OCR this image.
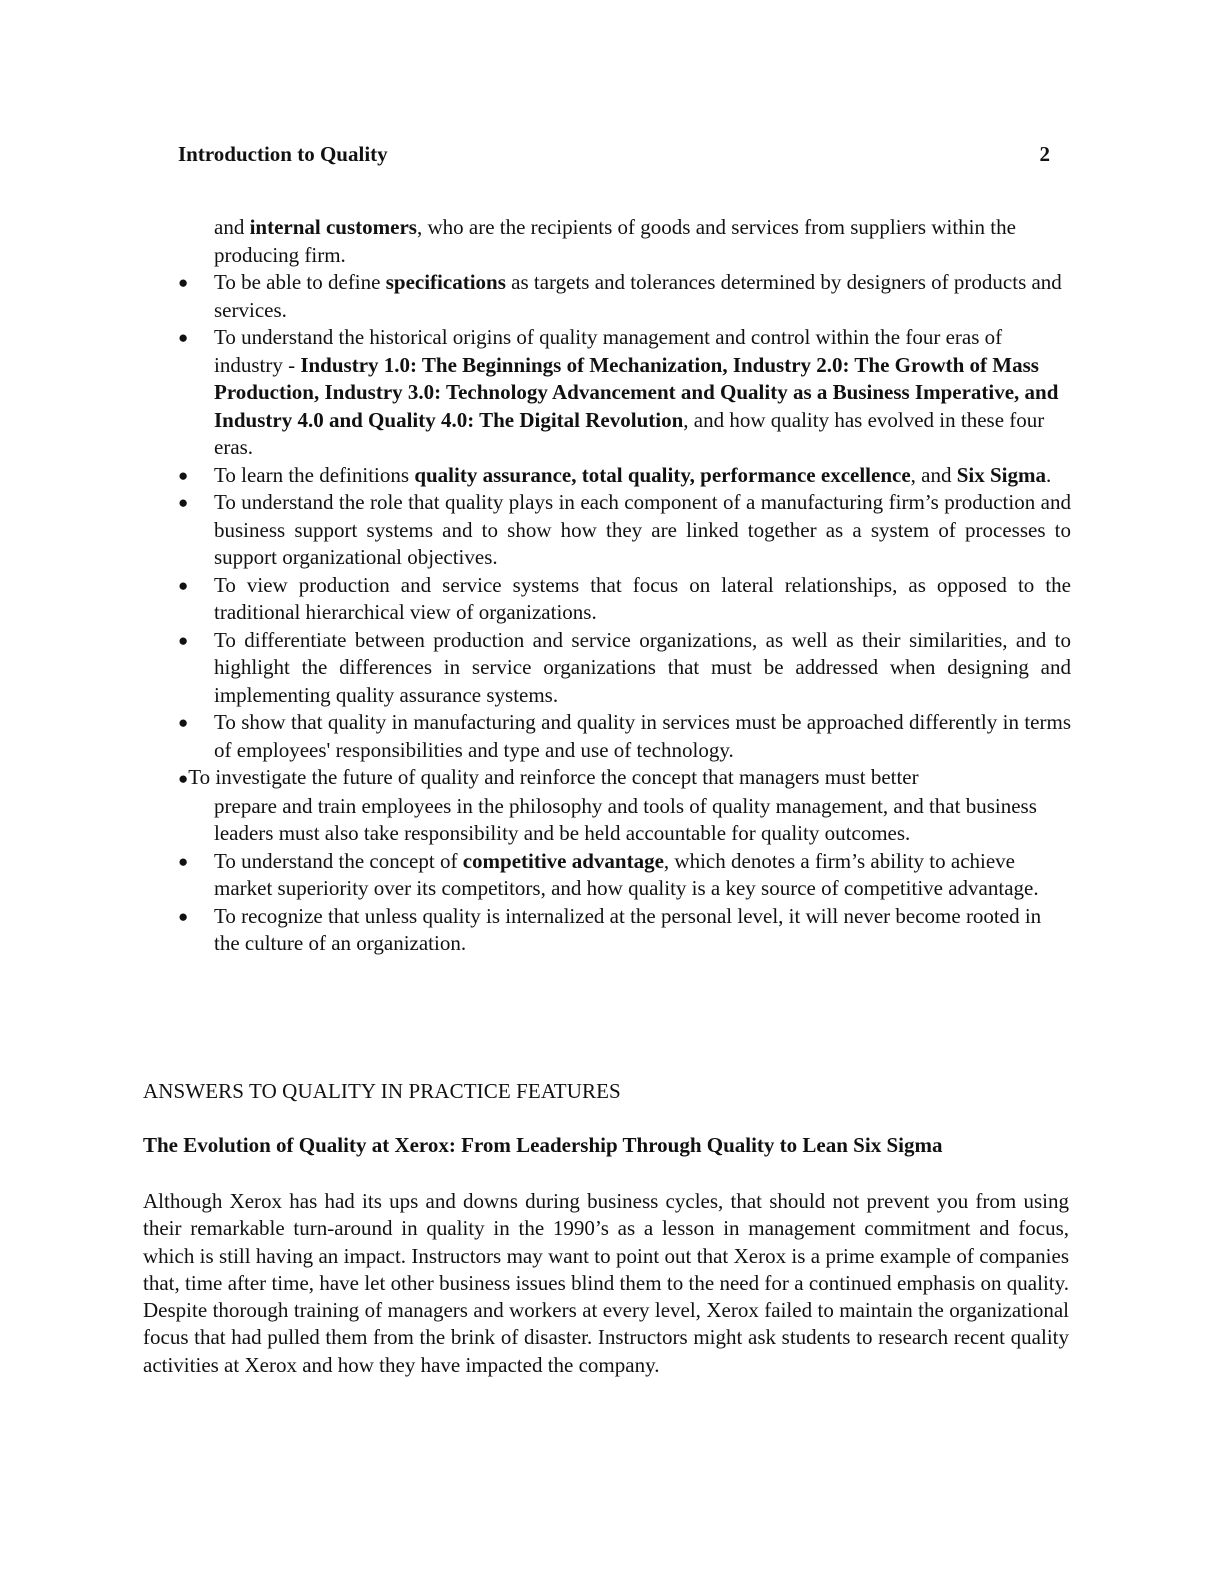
Introduction to Quality	2
and internal customers, who are the recipients of goods and services from suppliers within the producing firm.
●	To be able to define specifications as targets and tolerances determined by designers of products and services.
●	To understand the historical origins of quality management and control within the four eras of industry - Industry 1.0: The Beginnings of Mechanization, Industry 2.0: The Growth of Mass Production, Industry 3.0: Technology Advancement and Quality as a Business Imperative, and Industry 4.0 and Quality 4.0: The Digital Revolution, and how quality has evolved in these four eras.
●	To learn the definitions quality assurance, total quality, performance excellence, and Six Sigma.
●	To understand the role that quality plays in each component of a manufacturing firm’s production and business support systems and to show how they are linked together as a system of processes to support organizational objectives.
●	To view production and service systems that focus on lateral relationships, as opposed to the traditional hierarchical view of organizations.
●	To differentiate between production and service organizations, as well as their similarities, and to highlight the differences in service organizations that must be addressed when designing and implementing quality assurance systems.
●	To show that quality in manufacturing and quality in services must be approached differently in terms of employees' responsibilities and type and use of technology.
●To investigate the future of quality and reinforce the concept that managers must better
prepare and train employees in the philosophy and tools of quality management, and that business leaders must also take responsibility and be held accountable for quality outcomes.
●	To understand the concept of competitive advantage, which denotes a firm’s ability to achieve market superiority over its competitors, and how quality is a key source of competitive advantage.
●	To recognize that unless quality is internalized at the personal level, it will never become rooted in the culture of an organization.
ANSWERS TO QUALITY IN PRACTICE FEATURES
The Evolution of Quality at Xerox: From Leadership Through Quality to Lean Six Sigma
Although Xerox has had its ups and downs during business cycles, that should not prevent you from using their remarkable turn-around in quality in the 1990’s as a lesson in management commitment and focus, which is still having an impact. Instructors may want to point out that Xerox is a prime example of companies that, time after time, have let other business issues blind them to the need for a continued emphasis on quality. Despite thorough training of managers and workers at every level, Xerox failed to maintain the organizational focus that had pulled them from the brink of disaster. Instructors might ask students to research recent quality activities at Xerox and how they have impacted the company.
